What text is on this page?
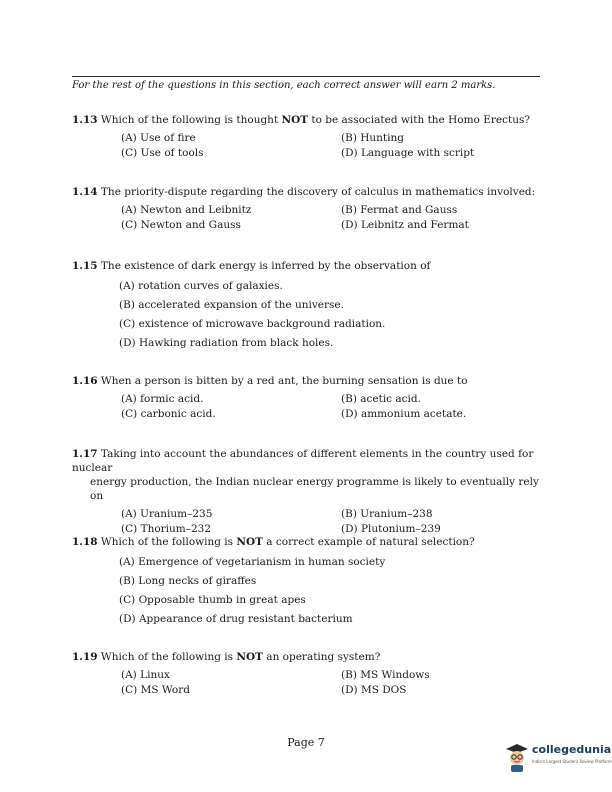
For the rest of the questions in this section, each correct answer will earn 2 marks.
1.13 Which of the following is thought NOT to be associated with the Homo Erectus?
(A) Use of fire	(B) Hunting
(C) Use of tools	(D) Language with script
1.14 The priority-dispute regarding the discovery of calculus in mathematics involved:
(A) Newton and Leibnitz	(B) Fermat and Gauss
(C) Newton and Gauss	(D) Leibnitz and Fermat
1.15 The existence of dark energy is inferred by the observation of
(A) rotation curves of galaxies.
(B) accelerated expansion of the universe.
(C) existence of microwave background radiation.
(D) Hawking radiation from black holes.
1.16 When a person is bitten by a red ant, the burning sensation is due to
(A) formic acid.	(B) acetic acid.
(C) carbonic acid.	(D) ammonium acetate.
1.17 Taking into account the abundances of different elements in the country used for nuclear
energy production, the Indian nuclear energy programme is likely to eventually rely on
(A) Uranium–235	(B) Uranium–238
(C) Thorium–232	(D) Plutonium–239
1.18 Which of the following is NOT a correct example of natural selection?
(A) Emergence of vegetarianism in human society
(B) Long necks of giraffes
(C) Opposable thumb in great apes
(D) Appearance of drug resistant bacterium
1.19 Which of the following is NOT an operating system?
(A) Linux	(B) MS Windows
(C) MS Word	(D) MS DOS
Page 7
collegedunia
India's Largest Student Review Platform
